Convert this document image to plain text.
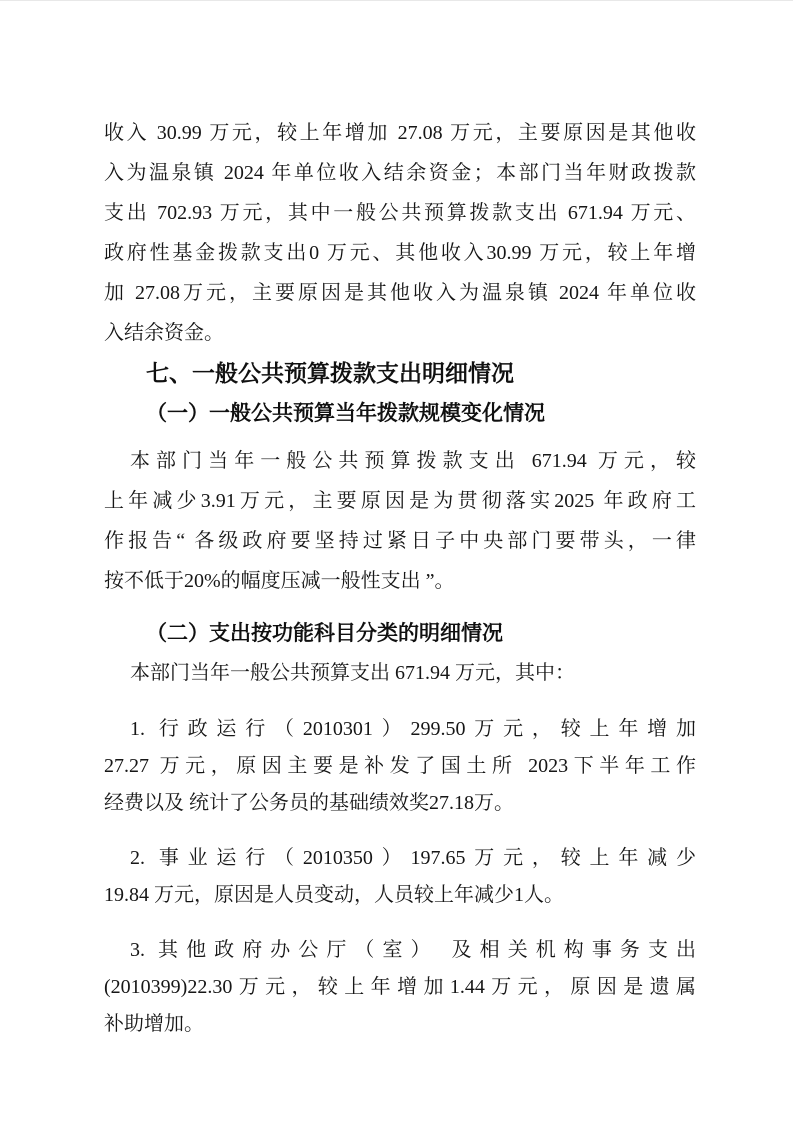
收入 30.99 万元，较上年增加 27.08 万元，主要原因是其他收
入为温泉镇 2024 年单位收入结余资金；本部门当年财政拨款
支出 702.93 万元，其中一般公共预算拨款支出 671.94 万元、
政府性基金拨款支出0 万元、其他收入30.99 万元，较上年增
加 27.08万元，主要原因是其他收入为温泉镇 2024 年单位收
入结余资金。
七、一般公共预算拨款支出明细情况
（一）一般公共预算当年拨款规模变化情况
本部门当年一般公共预算拨款支出 671.94 万元，较
上年减少3.91万元，主要原因是为贯彻落实2025 年政府工
作报告“ 各级政府要坚持过紧日子中央部门要带头，一律
按不低于20%的幅度压减一般性支出 ”。
（二）支出按功能科目分类的明细情况
本部门当年一般公共预算支出 671.94 万元，其中：
1. 行政运行（2010301）299.50万元，较上年增加
27.27 万元，原因主要是补发了国土所 2023下半年工作
经费以及 统计了公务员的基础绩效奖27.18万。
2. 事业运行（2010350）197.65万元，较上年减少
19.84 万元，原因是人员变动，人员较上年减少1人。
3. 其他政府办公厅（室） 及相关机构事务支出
(2010399)22.30万元，较上年增加1.44万元，原因是遗属
补助增加。
